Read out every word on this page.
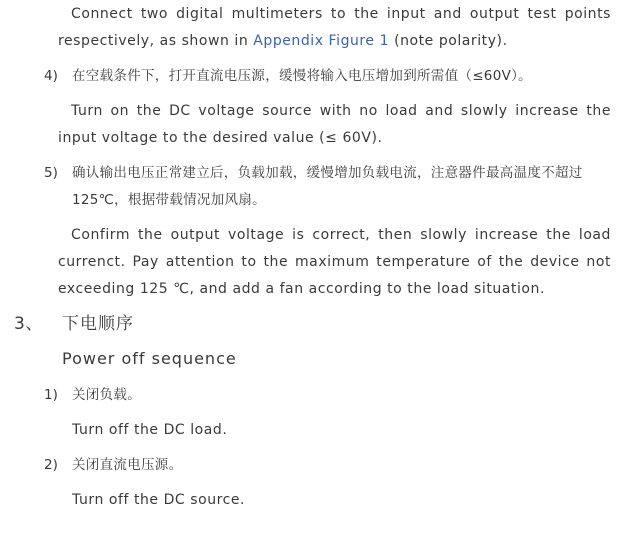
Connect two digital multimeters to the input and output test points respectively, as shown in Appendix Figure 1 (note polarity).
4) 在空载条件下，打开直流电压源，缓慢将输入电压增加到所需值（≤60V）。
Turn on the DC voltage source with no load and slowly increase the input voltage to the desired value (≤ 60V).
5) 确认输出电压正常建立后，负载加载，缓慢增加负载电流，注意器件最高温度不超过125℃，根据带载情况加风扇。
Confirm the output voltage is correct, then slowly increase the load currenct. Pay attention to the maximum temperature of the device not exceeding 125 ℃, and add a fan according to the load situation.
3、 下电顺序
Power off sequence
1) 关闭负载。
Turn off the DC load.
2) 关闭直流电压源。
Turn off the DC source.
